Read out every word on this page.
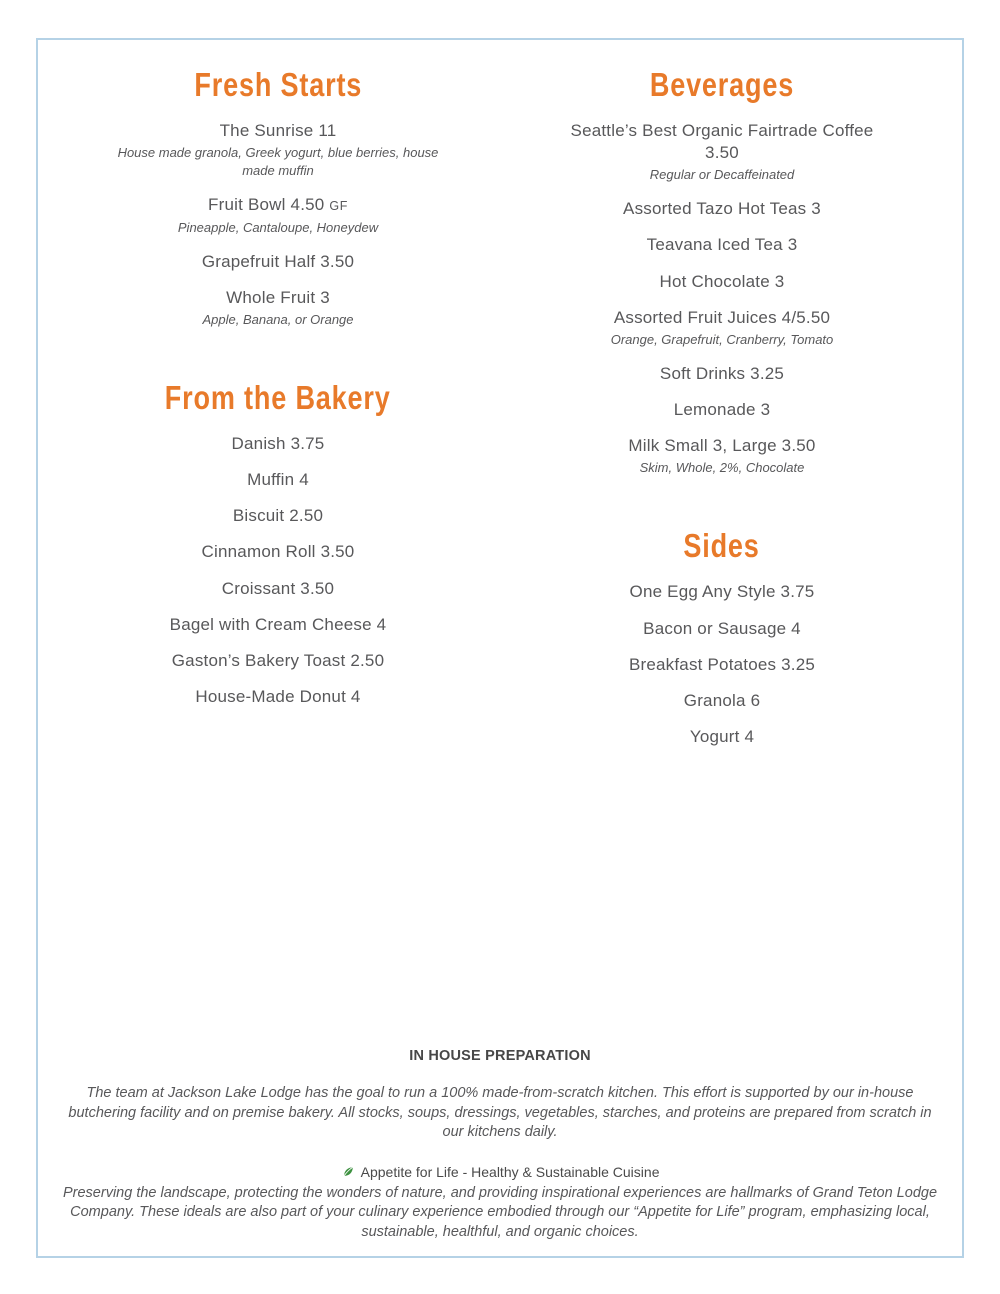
Fresh Starts
The Sunrise 11
House made granola, Greek yogurt, blue berries, house made muffin
Fruit Bowl 4.50 GF
Pineapple, Cantaloupe, Honeydew
Grapefruit Half 3.50
Whole Fruit 3
Apple, Banana, or Orange
From the Bakery
Danish 3.75
Muffin 4
Biscuit 2.50
Cinnamon Roll 3.50
Croissant 3.50
Bagel with Cream Cheese 4
Gaston’s Bakery Toast 2.50
House-Made Donut 4
Beverages
Seattle’s Best Organic Fairtrade Coffee
3.50
Regular or Decaffeinated
Assorted Tazo Hot Teas 3
Teavana Iced Tea 3
Hot Chocolate 3
Assorted Fruit Juices 4/5.50
Orange, Grapefruit, Cranberry, Tomato
Soft Drinks 3.25
Lemonade 3
Milk Small 3, Large 3.50
Skim, Whole, 2%, Chocolate
Sides
One Egg Any Style 3.75
Bacon or Sausage 4
Breakfast Potatoes 3.25
Granola 6
Yogurt 4
IN HOUSE PREPARATION
The team at Jackson Lake Lodge has the goal to run a 100% made-from-scratch kitchen. This effort is supported by our in-house butchering facility and on premise bakery. All stocks, soups, dressings, vegetables, starches, and proteins are prepared from scratch in our kitchens daily.
Appetite for Life - Healthy & Sustainable Cuisine
Preserving the landscape, protecting the wonders of nature, and providing inspirational experiences are hallmarks of Grand Teton Lodge Company. These ideals are also part of your culinary experience embodied through our “Appetite for Life” program, emphasizing local, sustainable, healthful, and organic choices.
